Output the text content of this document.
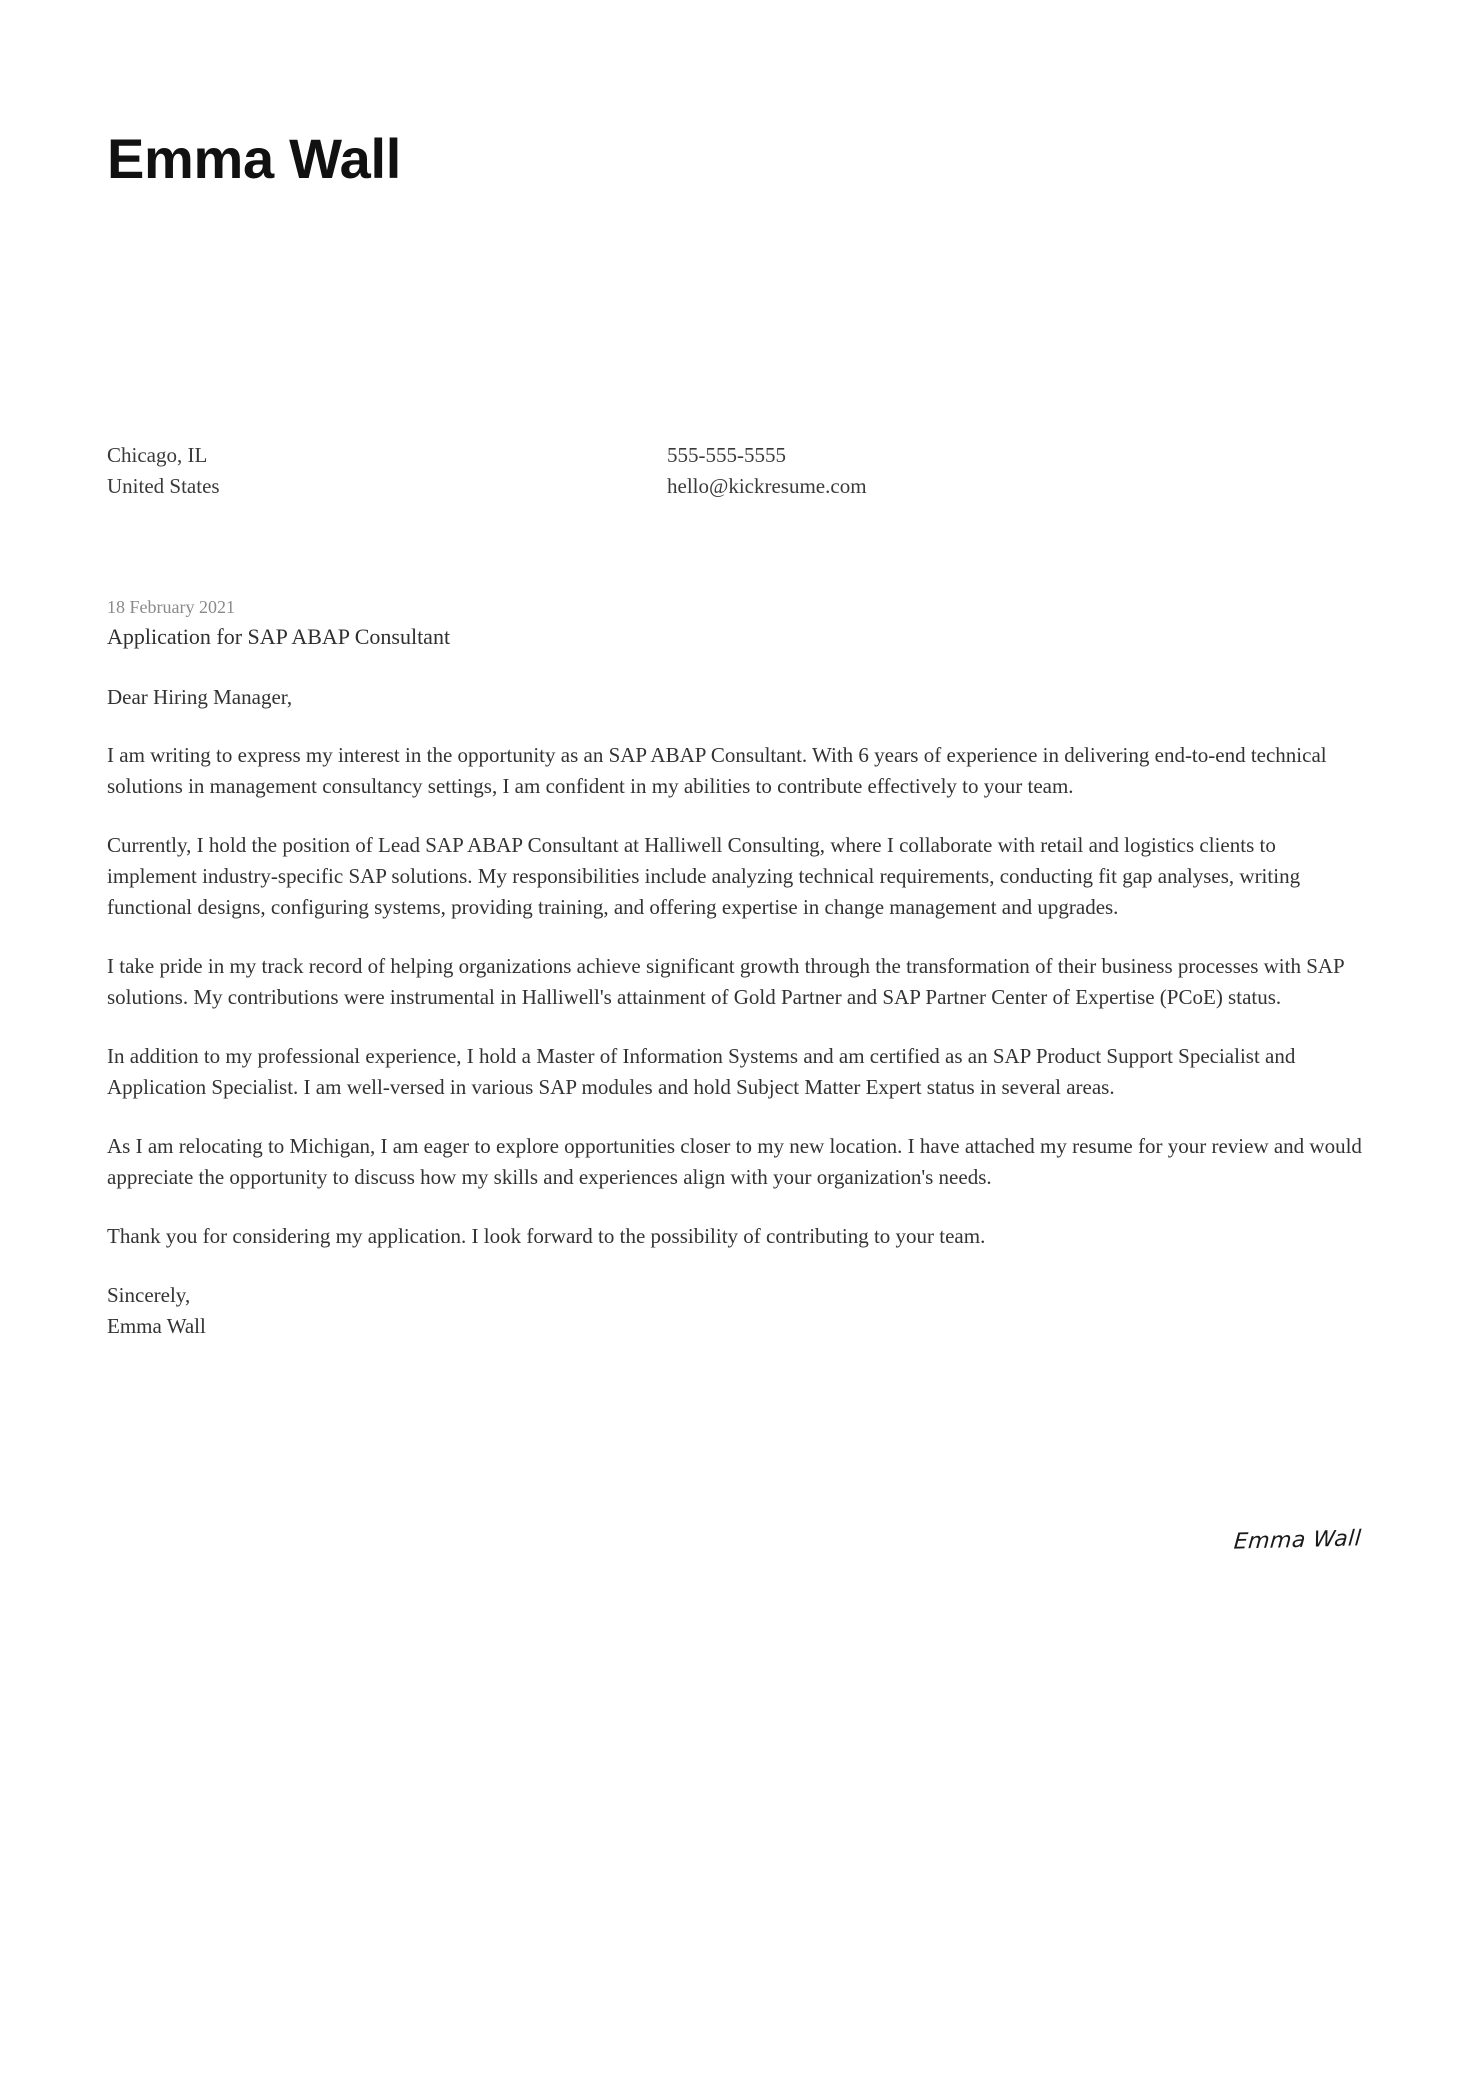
Emma Wall
Chicago, IL
United States
555-555-5555
hello@kickresume.com

18 February 2021

Application for SAP ABAP Consultant

Dear Hiring Manager,

I am writing to express my interest in the opportunity as an SAP ABAP Consultant. With 6 years of experience in delivering end-to-end technical solutions in management consultancy settings, I am confident in my abilities to contribute effectively to your team.

Currently, I hold the position of Lead SAP ABAP Consultant at Halliwell Consulting, where I collaborate with retail and logistics clients to implement industry-specific SAP solutions. My responsibilities include analyzing technical requirements, conducting fit gap analyses, writing functional designs, configuring systems, providing training, and offering expertise in change management and upgrades.

I take pride in my track record of helping organizations achieve significant growth through the transformation of their business processes with SAP solutions. My contributions were instrumental in Halliwell's attainment of Gold Partner and SAP Partner Center of Expertise (PCoE) status.

In addition to my professional experience, I hold a Master of Information Systems and am certified as an SAP Product Support Specialist and Application Specialist. I am well-versed in various SAP modules and hold Subject Matter Expert status in several areas.

As I am relocating to Michigan, I am eager to explore opportunities closer to my new location. I have attached my resume for your review and would appreciate the opportunity to discuss how my skills and experiences align with your organization's needs.

Thank you for considering my application. I look forward to the possibility of contributing to your team.

Sincerely,
Emma Wall
Emma Wall
